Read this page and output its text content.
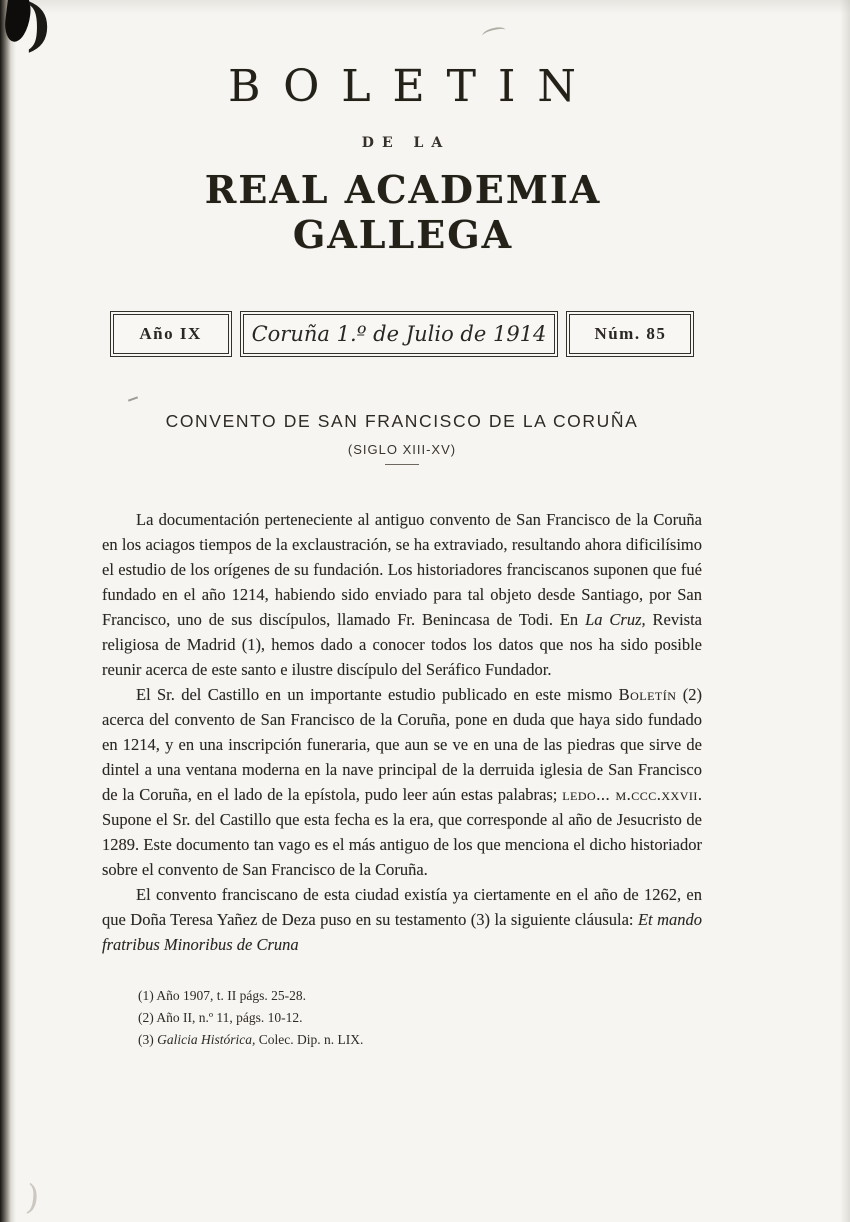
)
)
BOLETIN
DE LA
REAL ACADEMIA GALLEGA
Año IX	Coruña 1.º de Julio de 1914	Núm. 85
CONVENTO DE SAN FRANCISCO DE LA CORUÑA
(SIGLO XIII-XV)

La documentación perteneciente al antiguo convento de San Francisco de la Coruña en los aciagos tiempos de la exclaustración, se ha extraviado, resultando ahora dificilísimo el estudio de los orígenes de su fundación. Los historiadores franciscanos suponen que fué fundado en el año 1214, habiendo sido enviado para tal objeto desde Santiago, por San Francisco, uno de sus discípulos, llamado Fr. Benincasa de Todi. En La Cruz, Revista religiosa de Madrid (1), hemos dado a conocer todos los datos que nos ha sido posible reunir acerca de este santo e ilustre discípulo del Seráfico Fundador.

El Sr. del Castillo en un importante estudio publicado en este mismo Boletín (2) acerca del convento de San Francisco de la Coruña, pone en duda que haya sido fundado en 1214, y en una inscripción funeraria, que aun se ve en una de las piedras que sirve de dintel a una ventana moderna en la nave principal de la derruida iglesia de San Francisco de la Coruña, en el lado de la epístola, pudo leer aún estas palabras; ledo... m.ccc.xxvii. Supone el Sr. del Castillo que esta fecha es la era, que corresponde al año de Jesucristo de 1289. Este documento tan vago es el más antiguo de los que menciona el dicho historiador sobre el convento de San Francisco de la Coruña.

El convento franciscano de esta ciudad existía ya ciertamente en el año de 1262, en que Doña Teresa Yañez de Deza puso en su testamento (3) la siguiente cláusula: Et mando fratribus Minoribus de Cruna

(1) Año 1907, t. II págs. 25-28.
(2) Año II, n.º 11, págs. 10-12.
(3) Galicia Histórica, Colec. Dip. n. LIX.
